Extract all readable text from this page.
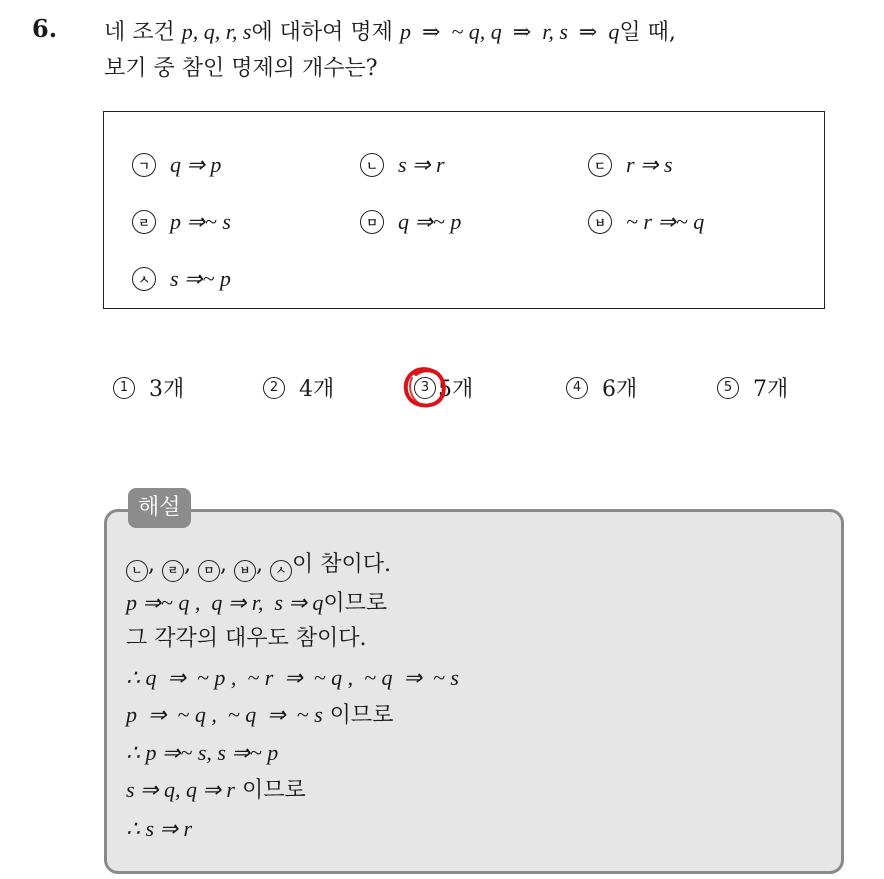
6. 네 조건 p, q, r, s에 대하여 명제 p  ⇒  ~ q, q  ⇒  r, s  ⇒  q일 때,
보기 중 참인 명제의 개수는?
ㄱ q ⇒ p	ㄴ s ⇒ r	ㄷ r ⇒ s
ㄹ p ⇒~ s	ㅁ q ⇒~ p	ㅂ ~ r ⇒~ q
ㅅ s ⇒~ p
1 3개	2 4개	3 5개	4 6개	5 7개
해설
ㄴ , ㄹ , ㅁ , ㅂ , ㅅ 이 참이다.
p ⇒~ q ,  q ⇒ r,  s ⇒ q이므로
그 각각의 대우도 참이다.
∴ q  ⇒  ~ p ,  ~ r  ⇒  ~ q ,  ~ q  ⇒  ~ s
p  ⇒  ~ q ,  ~ q  ⇒  ~ s 이므로
∴ p ⇒~ s, s ⇒~ p
s ⇒ q, q ⇒ r 이므로
∴ s ⇒ r
